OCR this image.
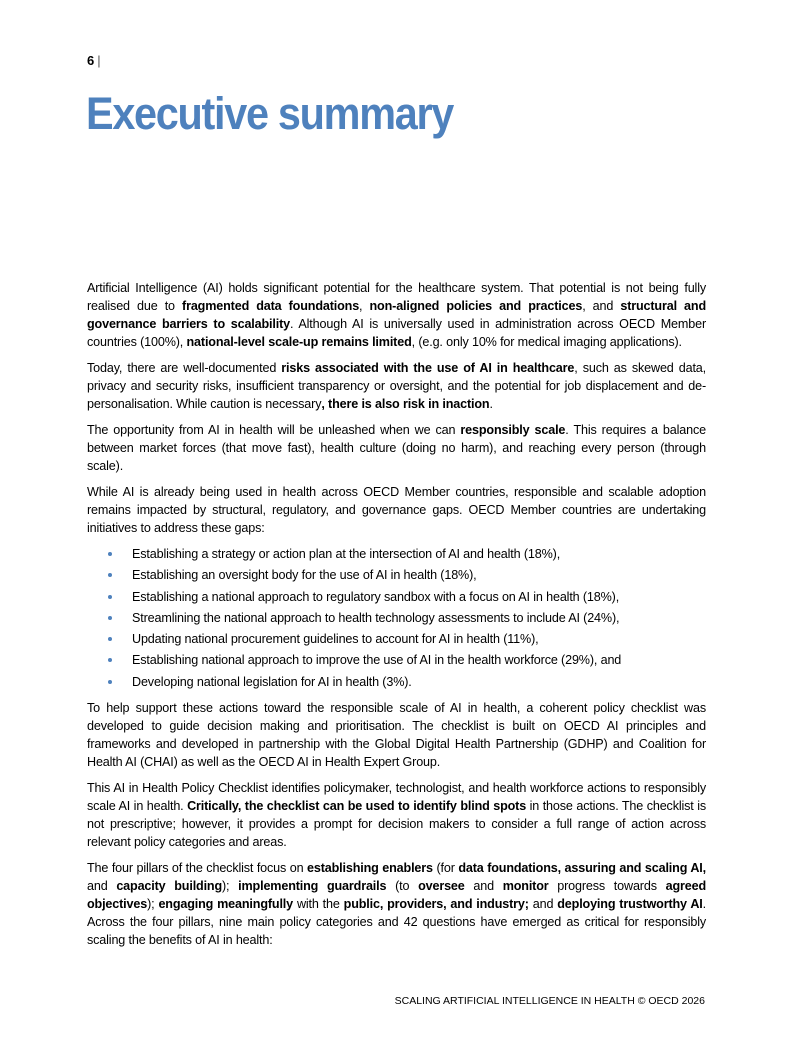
6 |
Executive summary

Artificial Intelligence (AI) holds significant potential for the healthcare system. That potential is not being fully realised due to fragmented data foundations, non-aligned policies and practices, and structural and governance barriers to scalability. Although AI is universally used in administration across OECD Member countries (100%), national-level scale-up remains limited, (e.g. only 10% for medical imaging applications).

Today, there are well-documented risks associated with the use of AI in healthcare, such as skewed data, privacy and security risks, insufficient transparency or oversight, and the potential for job displacement and de-personalisation. While caution is necessary, there is also risk in inaction.

The opportunity from AI in health will be unleashed when we can responsibly scale. This requires a balance between market forces (that move fast), health culture (doing no harm), and reaching every person (through scale).

While AI is already being used in health across OECD Member countries, responsible and scalable adoption remains impacted by structural, regulatory, and governance gaps. OECD Member countries are undertaking initiatives to address these gaps:

Establishing a strategy or action plan at the intersection of AI and health (18%),
Establishing an oversight body for the use of AI in health (18%),
Establishing a national approach to regulatory sandbox with a focus on AI in health (18%),
Streamlining the national approach to health technology assessments to include AI (24%),
Updating national procurement guidelines to account for AI in health (11%),
Establishing national approach to improve the use of AI in the health workforce (29%), and
Developing national legislation for AI in health (3%).

To help support these actions toward the responsible scale of AI in health, a coherent policy checklist was developed to guide decision making and prioritisation. The checklist is built on OECD AI principles and frameworks and developed in partnership with the Global Digital Health Partnership (GDHP) and Coalition for Health AI (CHAI) as well as the OECD AI in Health Expert Group.

This AI in Health Policy Checklist identifies policymaker, technologist, and health workforce actions to responsibly scale AI in health. Critically, the checklist can be used to identify blind spots in those actions. The checklist is not prescriptive; however, it provides a prompt for decision makers to consider a full range of action across relevant policy categories and areas.

The four pillars of the checklist focus on establishing enablers (for data foundations, assuring and scaling AI, and capacity building); implementing guardrails (to oversee and monitor progress towards agreed objectives); engaging meaningfully with the public, providers, and industry; and deploying trustworthy AI. Across the four pillars, nine main policy categories and 42 questions have emerged as critical for responsibly scaling the benefits of AI in health:

SCALING ARTIFICIAL INTELLIGENCE IN HEALTH © OECD 2026
